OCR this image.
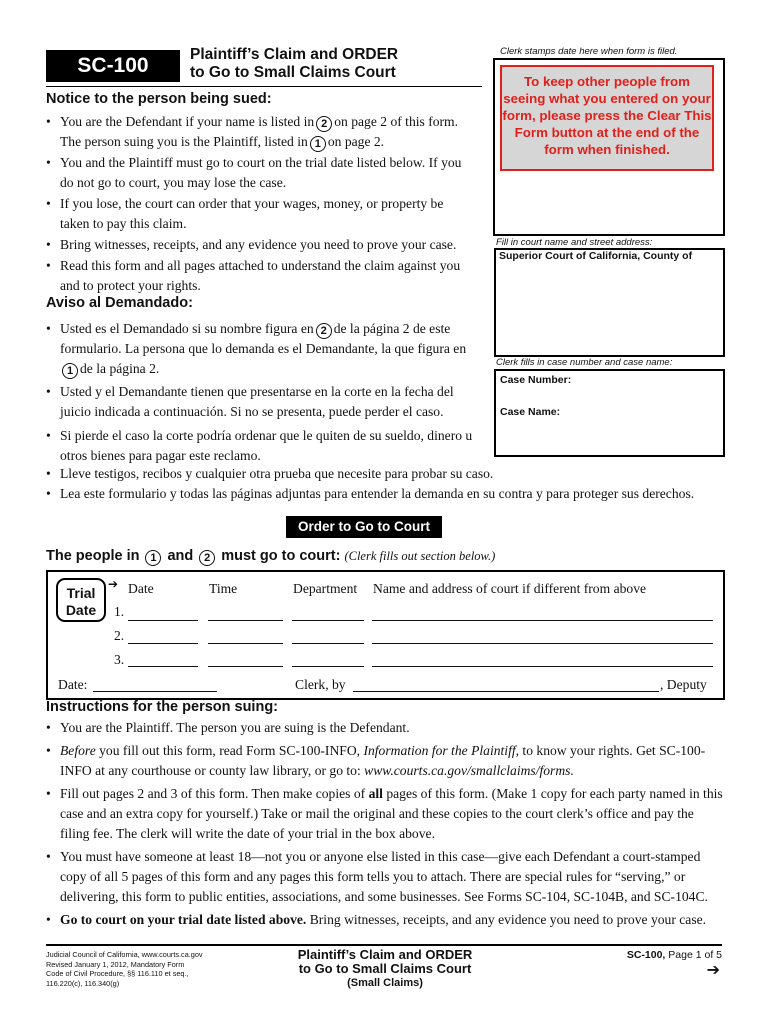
SC-100	Plaintiff’s Claim and ORDER
to Go to Small Claims Court
Clerk stamps date here when form is filed.
To keep other people from seeing what you entered on your form, please press the Clear This Form button at the end of the form when finished.
Fill in court name and street address:
Superior Court of California, County of
Clerk fills in case number and case name:
Case Number:
Case Name:
Notice to the person being sued:
• You are the Defendant if your name is listed in 2 on page 2 of this form. The person suing you is the Plaintiff, listed in 1 on page 2.
• You and the Plaintiff must go to court on the trial date listed below. If you do not go to court, you may lose the case.
• If you lose, the court can order that your wages, money, or property be taken to pay this claim.
• Bring witnesses, receipts, and any evidence you need to prove your case.
• Read this form and all pages attached to understand the claim against you and to protect your rights.
Aviso al Demandado:
• Usted es el Demandado si su nombre figura en 2 de la página 2 de este formulario. La persona que lo demanda es el Demandante, la que figura en1 de la página 2.
• Usted y el Demandante tienen que presentarse en la corte en la fecha del juicio indicada a continuación. Si no se presenta, puede perder el caso.
• Si pierde el caso la corte podría ordenar que le quiten de su sueldo, dinero u otros bienes para pagar este reclamo.
• Lleve testigos, recibos y cualquier otra prueba que necesite para probar su caso.
• Lea este formulario y todas las páginas adjuntas para entender la demanda en su contra y para proteger sus derechos.
Order to Go to Court
The people in 1 and 2 must go to court: (Clerk fills out section below.)
Trial
Date
➔ Date	Time	Department Name and address of court if different from above
1.
2.
3.
Date:	Clerk, by	, Deputy
Instructions for the person suing:
• You are the Plaintiff. The person you are suing is the Defendant.
• Before you fill out this form, read Form SC-100-INFO, Information for the Plaintiff, to know your rights. Get SC-100-INFO at any courthouse or county law library, or go to: www.courts.ca.gov/smallclaims/forms.
• Fill out pages 2 and 3 of this form. Then make copies of all pages of this form. (Make 1 copy for each party named in this case and an extra copy for yourself.) Take or mail the original and these copies to the court clerk’s office and pay the filing fee. The clerk will write the date of your trial in the box above.
• You must have someone at least 18—not you or anyone else listed in this case—give each Defendant a court-stamped copy of all 5 pages of this form and any pages this form tells you to attach. There are special rules for “serving,” or delivering, this form to public entities, associations, and some businesses. See Forms SC-104, SC-104B, and SC-104C.
• Go to court on your trial date listed above. Bring witnesses, receipts, and any evidence you need to prove your case.
Judicial Council of California, www.courts.ca.gov
Revised January 1, 2012, Mandatory Form
Code of Civil Procedure, §§ 116.110 et seq.,
116.220(c), 116.340(g)
Plaintiff’s Claim and ORDER
to Go to Small Claims Court
(Small Claims)
SC-100, Page 1 of 5
➔
